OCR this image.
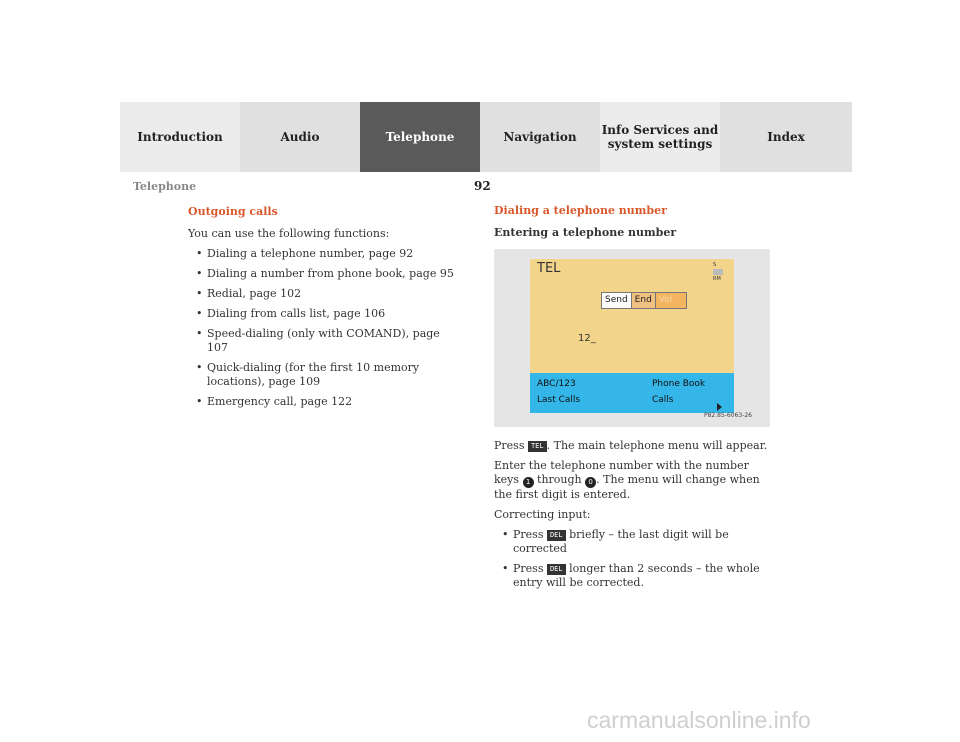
Introduction	Audio	Telephone	Navigation	Info Services and system settings	Index
Telephone	92
Outgoing calls

You can use the following functions:

• Dialing a telephone number, page 92
• Dialing a number from phone book, page 95
• Redial, page 102
• Dialing from calls list, page 106
• Speed-dialing (only with COMAND), page 107
• Quick-dialing (for the first 10 memory locations), page 109
• Emergency call, page 122
Dialing a telephone number
Entering a telephone number
TEL	S
RM
Send End Vol
12_
ABC/123
Last Calls
Phone Book
Calls
P82.85-6063-26

Press TEL . The main telephone menu will appear.

Enter the telephone number with the number keys 1 through 0 . The menu will change when the first digit is entered.

Correcting input:

• Press DEL briefly – the last digit will be corrected
• Press DEL longer than 2 seconds – the whole entry will be corrected.
carmanualsonline.info
